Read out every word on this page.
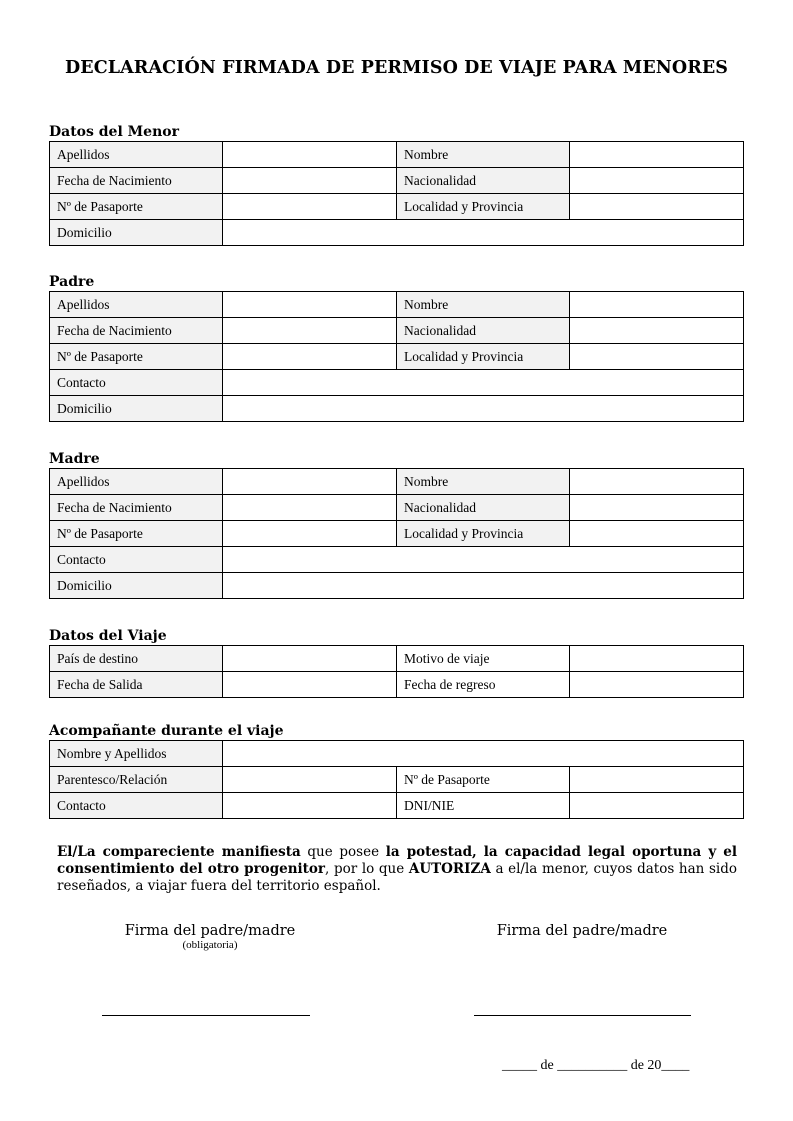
DECLARACIÓN FIRMADA DE PERMISO DE VIAJE PARA MENORES
Datos del Menor
Apellidos		Nombre	
Fecha de Nacimiento		Nacionalidad	
Nº de Pasaporte		Localidad y Provincia	
Domicilio			
Padre
Apellidos		Nombre	
Fecha de Nacimiento		Nacionalidad	
Nº de Pasaporte		Localidad y Provincia	
Contacto			
Domicilio			
Madre
Apellidos		Nombre	
Fecha de Nacimiento		Nacionalidad	
Nº de Pasaporte		Localidad y Provincia	
Contacto			
Domicilio			
Datos del Viaje
País de destino		Motivo de viaje	
Fecha de Salida		Fecha de regreso	
Acompañante durante el viaje
Nombre y Apellidos			
Parentesco/Relación		Nº de Pasaporte	
Contacto		DNI/NIE	
El/La compareciente manifiesta que posee la potestad, la capacidad legal oportuna y el consentimiento del otro progenitor, por lo que AUTORIZA a el/la menor, cuyos datos han sido reseñados, a viajar fuera del territorio español.
Firma del padre/madre
(obligatoria)
Firma del padre/madre
_____ de __________ de 20____
